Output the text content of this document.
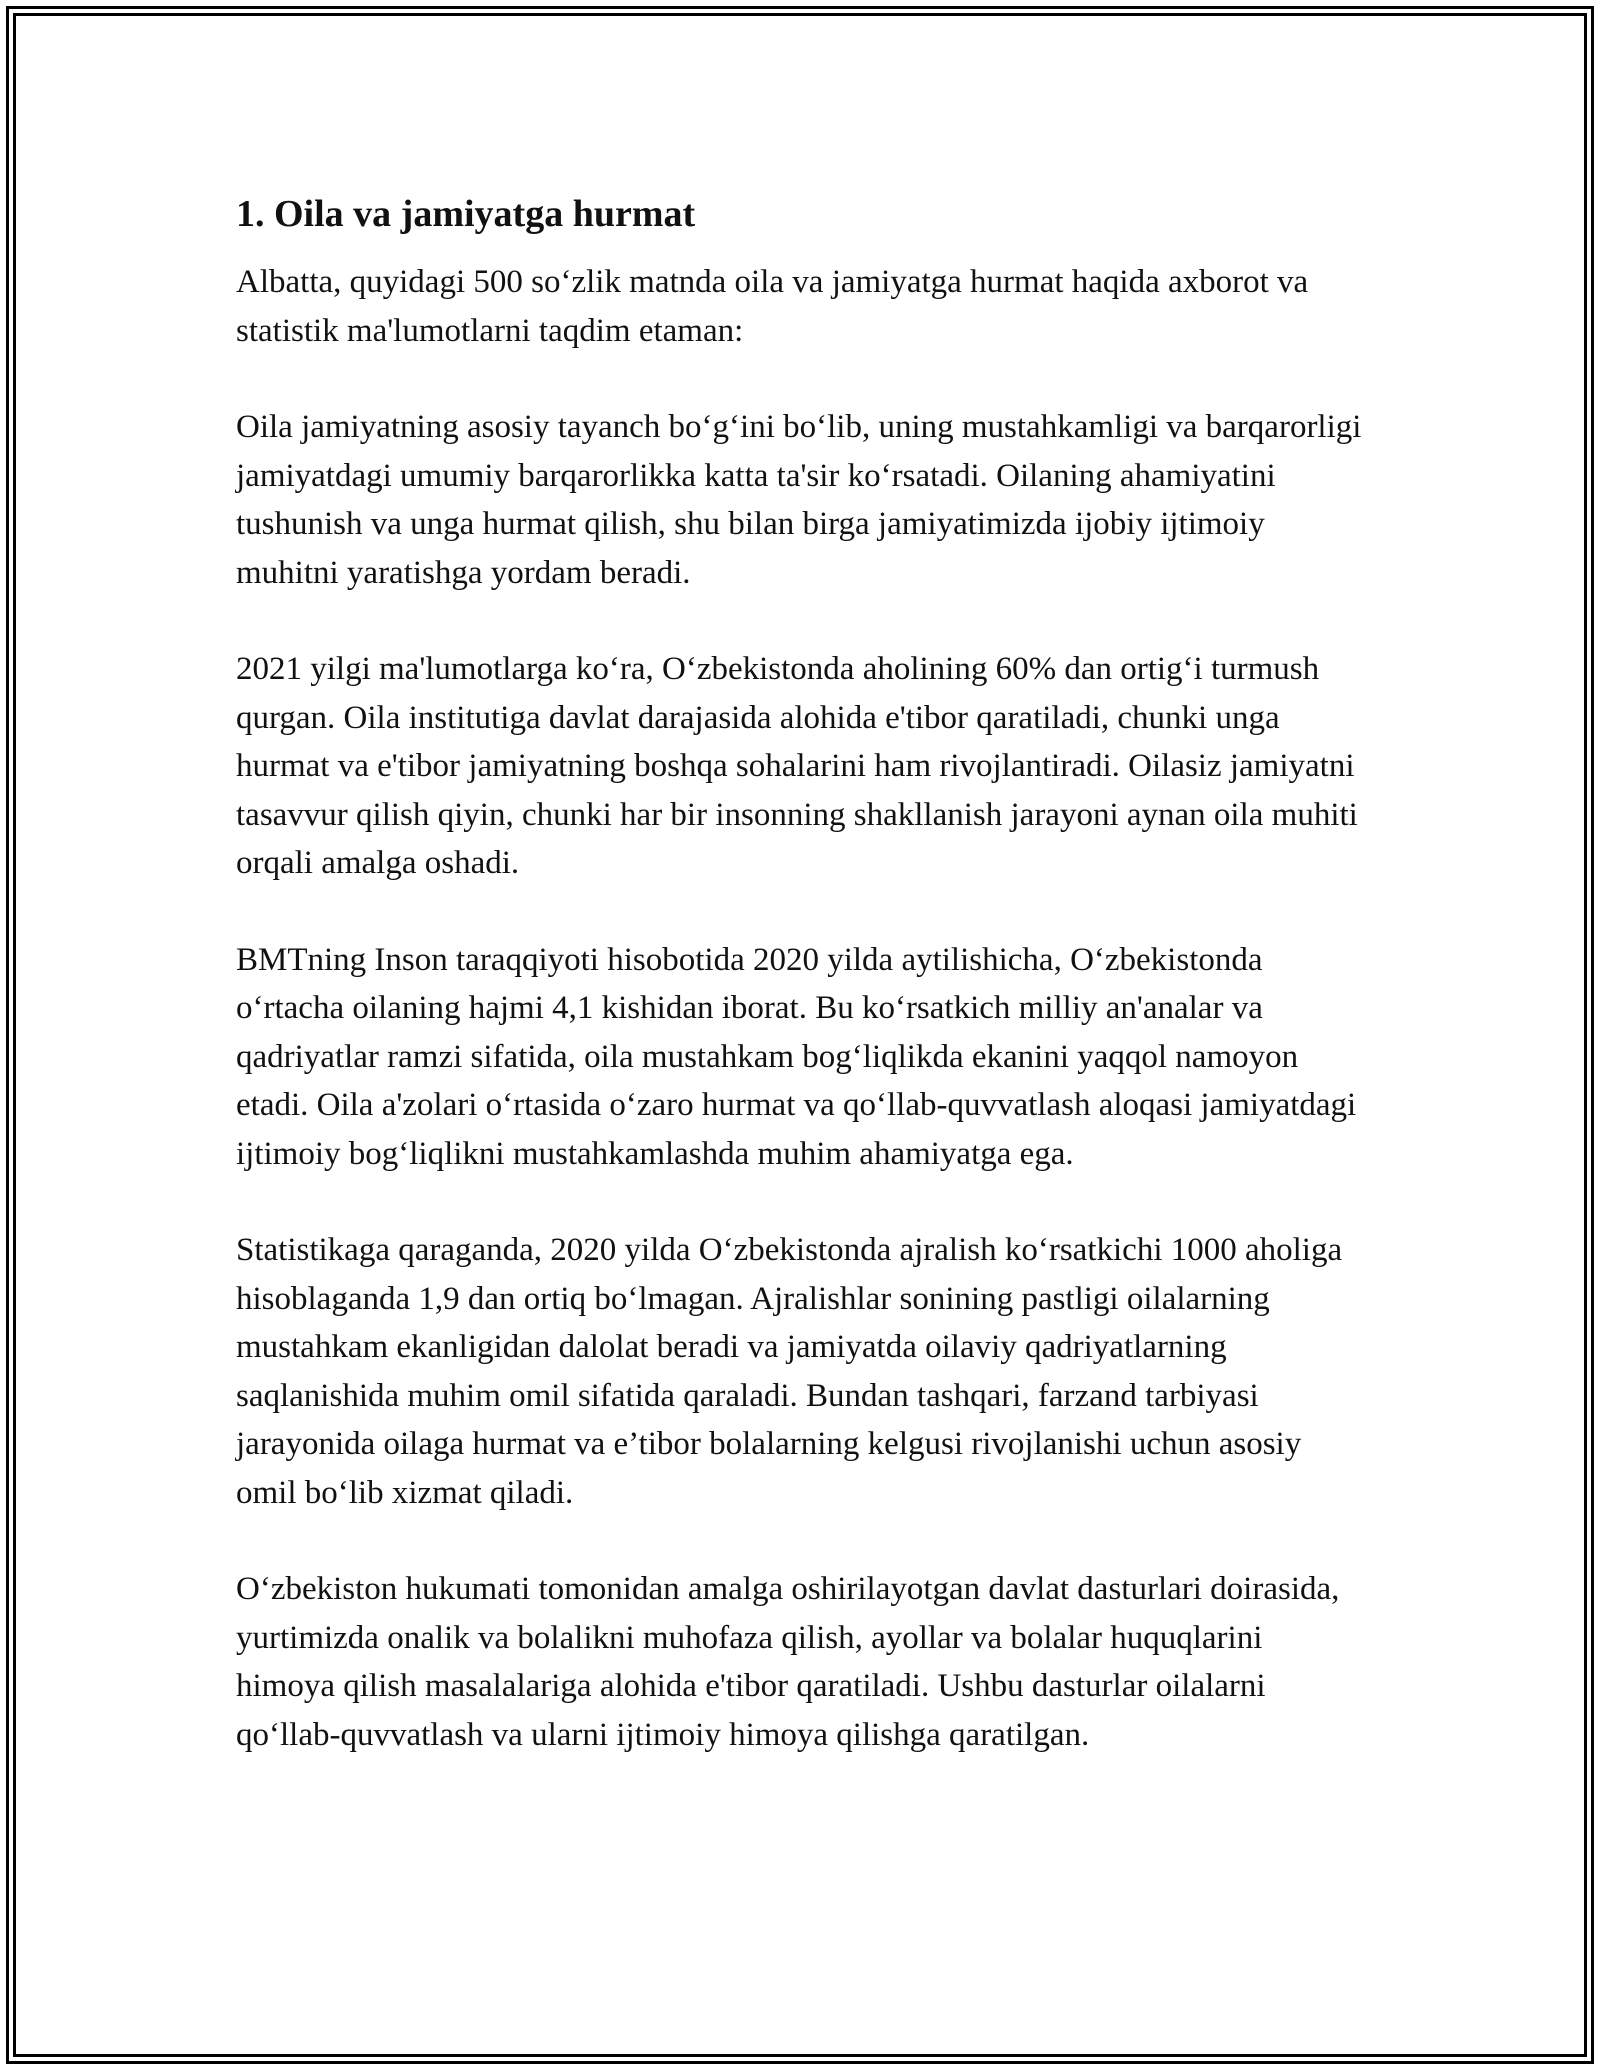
1. Oila va jamiyatga hurmat

Albatta, quyidagi 500 so‘zlik matnda oila va jamiyatga hurmat haqida axborot va statistik ma'lumotlarni taqdim etaman:

Oila jamiyatning asosiy tayanch bo‘g‘ini bo‘lib, uning mustahkamligi va barqarorligi jamiyatdagi umumiy barqarorlikka katta ta'sir ko‘rsatadi. Oilaning ahamiyatini tushunish va unga hurmat qilish, shu bilan birga jamiyatimizda ijobiy ijtimoiy muhitni yaratishga yordam beradi.

2021 yilgi ma'lumotlarga ko‘ra, O‘zbekistonda aholining 60% dan ortig‘i turmush qurgan. Oila institutiga davlat darajasida alohida e'tibor qaratiladi, chunki unga hurmat va e'tibor jamiyatning boshqa sohalarini ham rivojlantiradi. Oilasiz jamiyatni tasavvur qilish qiyin, chunki har bir insonning shakllanish jarayoni aynan oila muhiti orqali amalga oshadi.

BMTning Inson taraqqiyoti hisobotida 2020 yilda aytilishicha, O‘zbekistonda o‘rtacha oilaning hajmi 4,1 kishidan iborat. Bu ko‘rsatkich milliy an'analar va qadriyatlar ramzi sifatida, oila mustahkam bog‘liqlikda ekanini yaqqol namoyon etadi. Oila a'zolari o‘rtasida o‘zaro hurmat va qo‘llab-quvvatlash aloqasi jamiyatdagi ijtimoiy bog‘liqlikni mustahkamlashda muhim ahamiyatga ega.

Statistikaga qaraganda, 2020 yilda O‘zbekistonda ajralish ko‘rsatkichi 1000 aholiga hisoblaganda 1,9 dan ortiq bo‘lmagan. Ajralishlar sonining pastligi oilalarning mustahkam ekanligidan dalolat beradi va jamiyatda oilaviy qadriyatlarning saqlanishida muhim omil sifatida qaraladi. Bundan tashqari, farzand tarbiyasi jarayonida oilaga hurmat va e’tibor bolalarning kelgusi rivojlanishi uchun asosiy omil bo‘lib xizmat qiladi.

O‘zbekiston hukumati tomonidan amalga oshirilayotgan davlat dasturlari doirasida, yurtimizda onalik va bolalikni muhofaza qilish, ayollar va bolalar huquqlarini himoya qilish masalalariga alohida e'tibor qaratiladi. Ushbu dasturlar oilalarni qo‘llab-quvvatlash va ularni ijtimoiy himoya qilishga qaratilgan.
